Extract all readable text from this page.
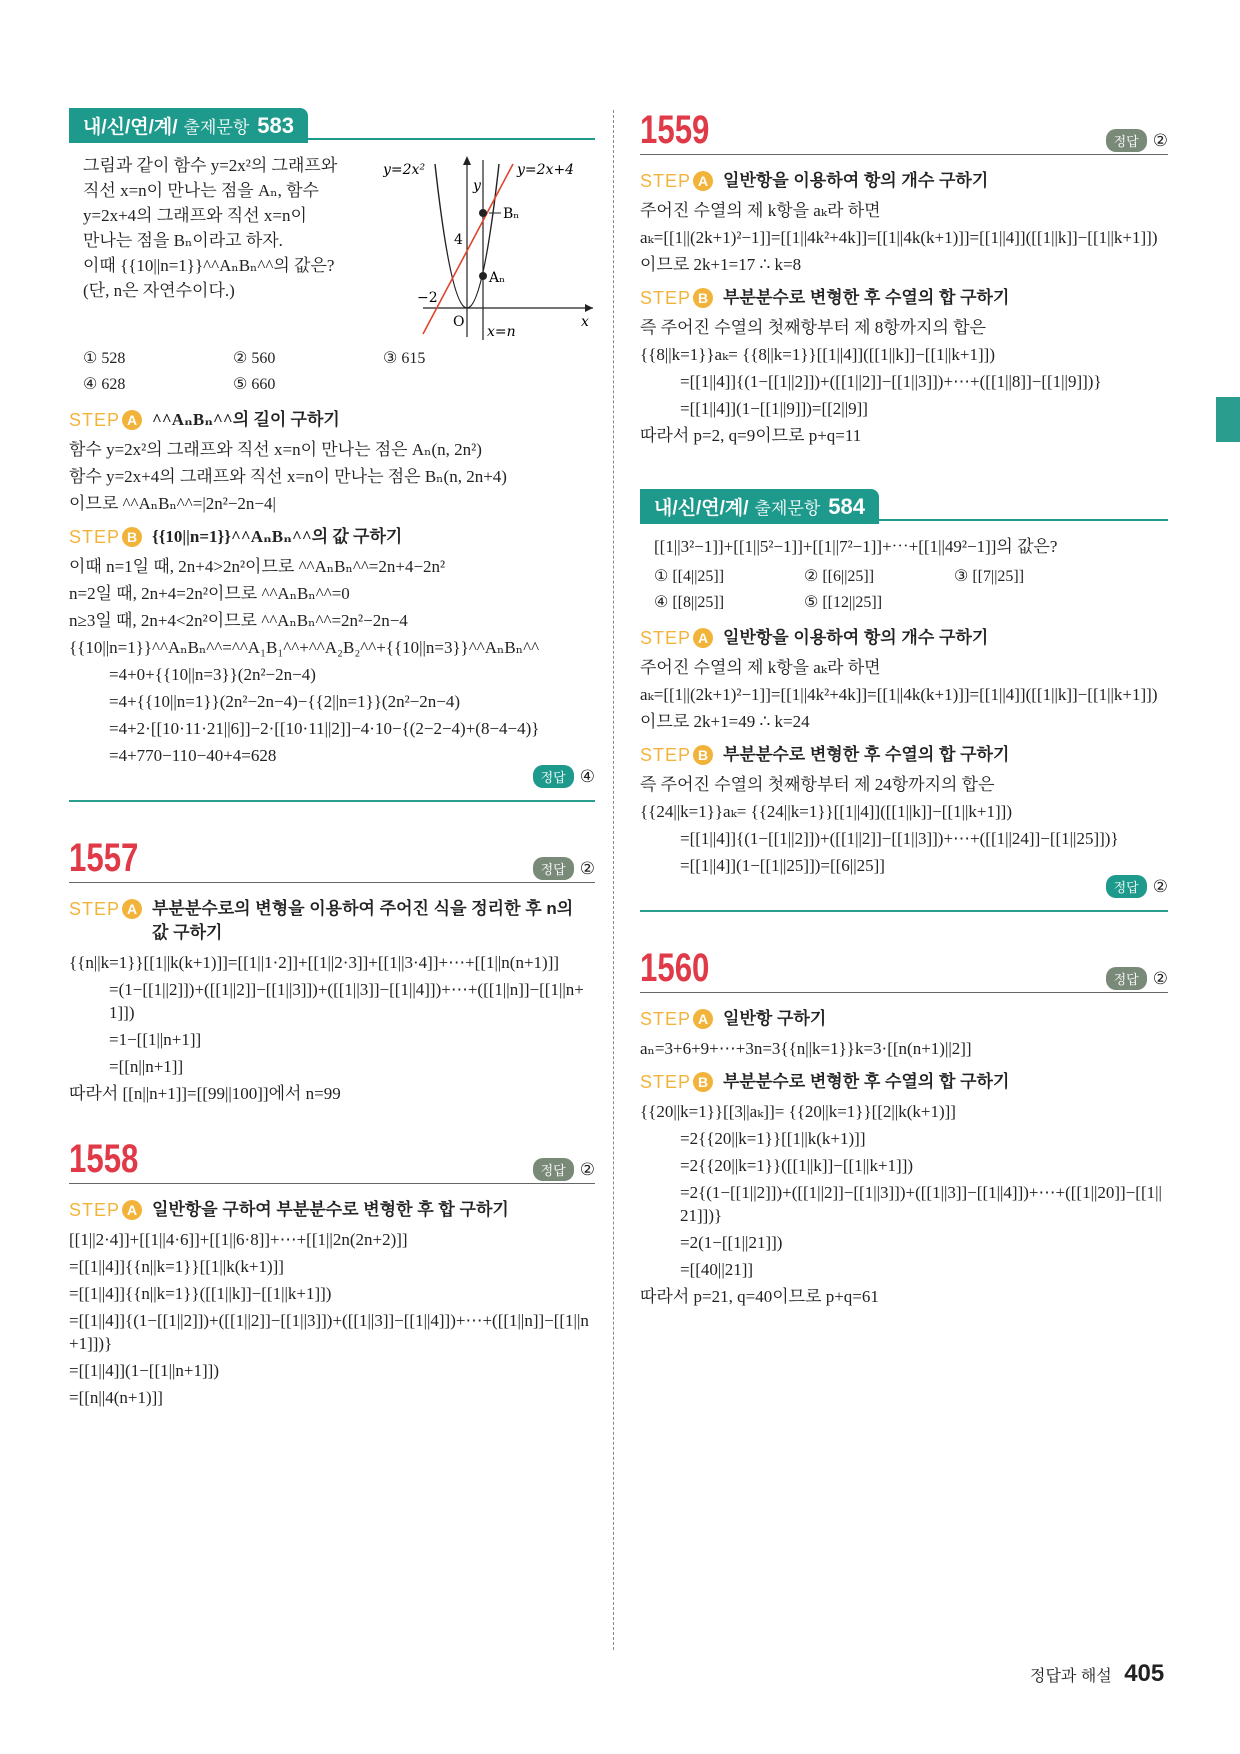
내/신/연/계/ 출제문항 583
그림과 같이 함수 y=2x²의 그래프와
직선 x=n이 만나는 점을 Aₙ, 함수
y=2x+4의 그래프와 직선 x=n이
만나는 점을 Bₙ이라고 하자.
이때 {{10||n=1}}^^AₙBₙ^^의 값은?
(단, n은 자연수이다.)
y=2x²	y=2x+4
Bₙ
Aₙ
4
−2
O	x
y
x=n
① 528	② 560	③ 615
④ 628	⑤ 660
STEP A ^^AₙBₙ^^의 길이 구하기
함수 y=2x²의 그래프와 직선 x=n이 만나는 점은 Aₙ(n, 2n²)
함수 y=2x+4의 그래프와 직선 x=n이 만나는 점은 Bₙ(n, 2n+4)
이므로 ^^AₙBₙ^^=|2n²−2n−4|
STEP B {{10||n=1}}^^AₙBₙ^^의 값 구하기
이때 n=1일 때, 2n+4>2n²이므로 ^^AₙBₙ^^=2n+4−2n²
n=2일 때, 2n+4=2n²이므로 ^^AₙBₙ^^=0
n≥3일 때, 2n+4<2n²이므로 ^^AₙBₙ^^=2n²−2n−4
{{10||n=1}}^^AₙBₙ^^=^^A₁B₁^^+^^A₂B₂^^+{{10||n=3}}^^AₙBₙ^^
=4+0+{{10||n=3}}(2n²−2n−4)
=4+{{10||n=1}}(2n²−2n−4)−{{2||n=1}}(2n²−2n−4)
=4+2·[[10·11·21||6]]−2·[[10·11||2]]−4·10−{(2−2−4)+(8−4−4)}
=4+770−110−40+4=628
정답 ④
1557	정답 ②
STEP A 부분분수로의 변형을 이용하여 주어진 식을 정리한 후 n의
값 구하기
{{n||k=1}}[[1||k(k+1)]]=[[1||1·2]]+[[1||2·3]]+[[1||3·4]]+⋯+[[1||n(n+1)]]
=(1−[[1||2]])+([[1||2]]−[[1||3]])+([[1||3]]−[[1||4]])+⋯+([[1||n]]−[[1||n+1]])
=1−[[1||n+1]]
=[[n||n+1]]
따라서 [[n||n+1]]=[[99||100]]에서 n=99
1558	정답 ②
STEP A 일반항을 구하여 부분분수로 변형한 후 합 구하기
[[1||2·4]]+[[1||4·6]]+[[1||6·8]]+⋯+[[1||2n(2n+2)]]
=[[1||4]]{{n||k=1}}[[1||k(k+1)]]
=[[1||4]]{{n||k=1}}([[1||k]]−[[1||k+1]])
=[[1||4]]{(1−[[1||2]])+([[1||2]]−[[1||3]])+([[1||3]]−[[1||4]])+⋯+([[1||n]]−[[1||n+1]])}
=[[1||4]](1−[[1||n+1]])
=[[n||4(n+1)]]
1559	정답 ②
STEP A 일반항을 이용하여 항의 개수 구하기
주어진 수열의 제 k항을 aₖ라 하면
aₖ=[[1||(2k+1)²−1]]=[[1||4k²+4k]]=[[1||4k(k+1)]]=[[1||4]]([[1||k]]−[[1||k+1]])
이므로 2k+1=17 ∴ k=8
STEP B 부분분수로 변형한 후 수열의 합 구하기
즉 주어진 수열의 첫째항부터 제 8항까지의 합은
{{8||k=1}}aₖ= {{8||k=1}}[[1||4]]([[1||k]]−[[1||k+1]])
=[[1||4]]{(1−[[1||2]])+([[1||2]]−[[1||3]])+⋯+([[1||8]]−[[1||9]])}
=[[1||4]](1−[[1||9]])=[[2||9]]
따라서 p=2, q=9이므로 p+q=11
내/신/연/계/ 출제문항 584
[[1||3²−1]]+[[1||5²−1]]+[[1||7²−1]]+⋯+[[1||49²−1]]의 값은?
① [[4||25]]	② [[6||25]]	③ [[7||25]]
④ [[8||25]]	⑤ [[12||25]]
STEP A 일반항을 이용하여 항의 개수 구하기
주어진 수열의 제 k항을 aₖ라 하면
aₖ=[[1||(2k+1)²−1]]=[[1||4k²+4k]]=[[1||4k(k+1)]]=[[1||4]]([[1||k]]−[[1||k+1]])
이므로 2k+1=49 ∴ k=24
STEP B 부분분수로 변형한 후 수열의 합 구하기
즉 주어진 수열의 첫째항부터 제 24항까지의 합은
{{24||k=1}}aₖ= {{24||k=1}}[[1||4]]([[1||k]]−[[1||k+1]])
=[[1||4]]{(1−[[1||2]])+([[1||2]]−[[1||3]])+⋯+([[1||24]]−[[1||25]])}
=[[1||4]](1−[[1||25]])=[[6||25]]
정답 ②
1560	정답 ②
STEP A 일반항 구하기
aₙ=3+6+9+⋯+3n=3{{n||k=1}}k=3·[[n(n+1)||2]]
STEP B 부분분수로 변형한 후 수열의 합 구하기
{{20||k=1}}[[3||aₖ]]= {{20||k=1}}[[2||k(k+1)]]
=2{{20||k=1}}[[1||k(k+1)]]
=2{{20||k=1}}([[1||k]]−[[1||k+1]])
=2{(1−[[1||2]])+([[1||2]]−[[1||3]])+([[1||3]]−[[1||4]])+⋯+([[1||20]]−[[1||21]])}
=2(1−[[1||21]])
=[[40||21]]
따라서 p=21, q=40이므로 p+q=61
정답과 해설 405
